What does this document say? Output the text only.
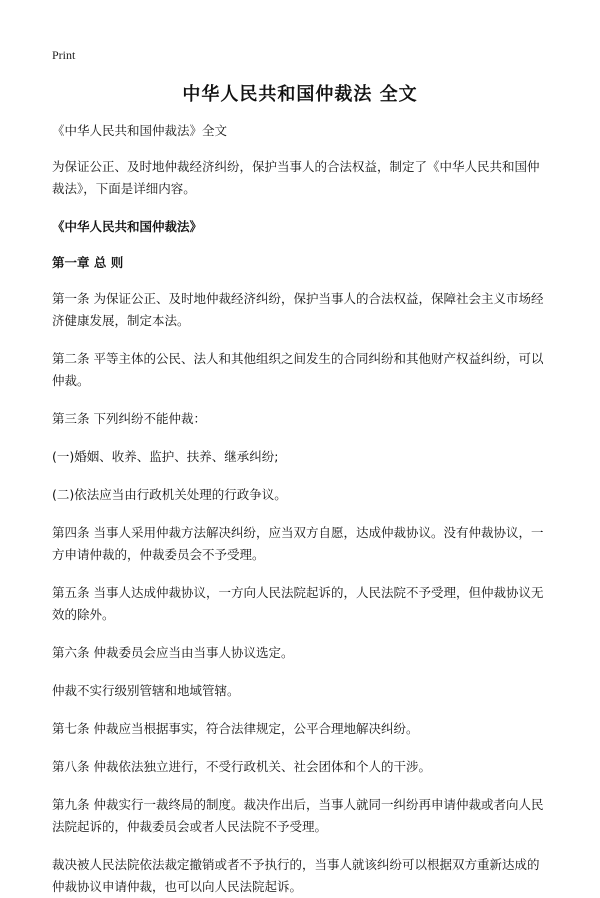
Print
中华人民共和国仲裁法 全文

《中华人民共和国仲裁法》全文

为保证公正、及时地仲裁经济纠纷，保护当事人的合法权益，制定了《中华人民共和国仲裁法》，下面是详细内容。

《中华人民共和国仲裁法》

第一章 总 则

第一条 为保证公正、及时地仲裁经济纠纷，保护当事人的合法权益，保障社会主义市场经济健康发展，制定本法。

第二条 平等主体的公民、法人和其他组织之间发生的合同纠纷和其他财产权益纠纷，可以仲裁。

第三条 下列纠纷不能仲裁：

(一)婚姻、收养、监护、扶养、继承纠纷;

(二)依法应当由行政机关处理的行政争议。

第四条 当事人采用仲裁方法解决纠纷，应当双方自愿，达成仲裁协议。没有仲裁协议，一方申请仲裁的，仲裁委员会不予受理。

第五条 当事人达成仲裁协议，一方向人民法院起诉的，人民法院不予受理，但仲裁协议无效的除外。

第六条 仲裁委员会应当由当事人协议选定。

仲裁不实行级别管辖和地域管辖。

第七条 仲裁应当根据事实，符合法律规定，公平合理地解决纠纷。

第八条 仲裁依法独立进行，不受行政机关、社会团体和个人的干涉。

第九条 仲裁实行一裁终局的制度。裁决作出后，当事人就同一纠纷再申请仲裁或者向人民法院起诉的，仲裁委员会或者人民法院不予受理。

裁决被人民法院依法裁定撤销或者不予执行的，当事人就该纠纷可以根据双方重新达成的仲裁协议申请仲裁，也可以向人民法院起诉。
